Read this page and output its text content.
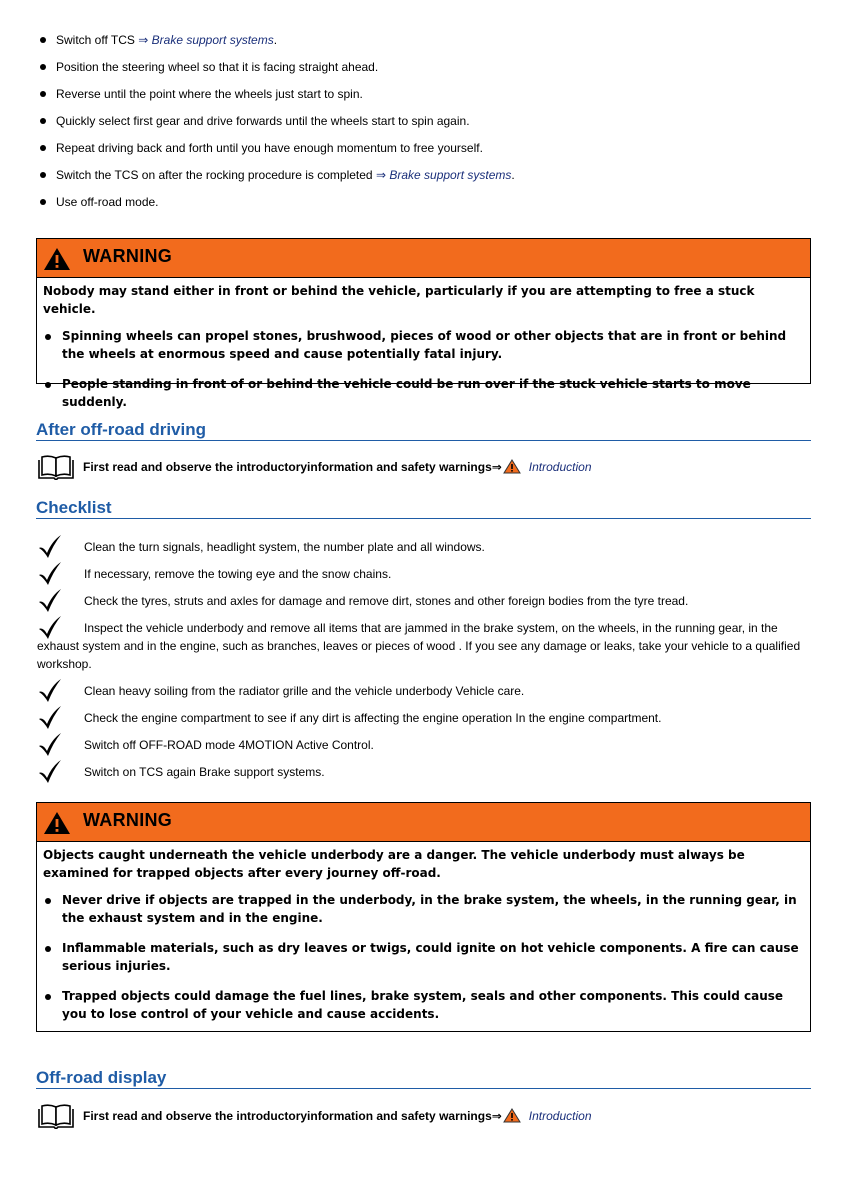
Switch off TCS ⇒ Brake support systems.
Position the steering wheel so that it is facing straight ahead.
Reverse until the point where the wheels just start to spin.
Quickly select first gear and drive forwards until the wheels start to spin again.
Repeat driving back and forth until you have enough momentum to free yourself.
Switch the TCS on after the rocking procedure is completed ⇒ Brake support systems.
Use off-road mode.
WARNING

Nobody may stand either in front or behind the vehicle, particularly if you are attempting to free a stuck vehicle.

Spinning wheels can propel stones, brushwood, pieces of wood or other objects that are in front or behind the wheels at enormous speed and cause potentially fatal injury.
People standing in front of or behind the vehicle could be run over if the stuck vehicle starts to move suddenly.
After off-road driving
First read and observe the introductoryinformation and safety warnings⇒ Introduction
Checklist
Clean the turn signals, headlight system, the number plate and all windows.
If necessary, remove the towing eye and the snow chains.
Check the tyres, struts and axles for damage and remove dirt, stones and other foreign bodies from the tyre tread.
Inspect the vehicle underbody and remove all items that are jammed in the brake system, on the wheels, in the running gear, in the exhaust system and in the engine, such as branches, leaves or pieces of wood . If you see any damage or leaks, take your vehicle to a qualified workshop.
Clean heavy soiling from the radiator grille and the vehicle underbody Vehicle care.
Check the engine compartment to see if any dirt is affecting the engine operation In the engine compartment.
Switch off OFF-ROAD mode 4MOTION Active Control.
Switch on TCS again Brake support systems.
WARNING

Objects caught underneath the vehicle underbody are a danger. The vehicle underbody must always be examined for trapped objects after every journey off-road.

Never drive if objects are trapped in the underbody, in the brake system, the wheels, in the running gear, in the exhaust system and in the engine.
Inflammable materials, such as dry leaves or twigs, could ignite on hot vehicle components. A fire can cause serious injuries.
Trapped objects could damage the fuel lines, brake system, seals and other components. This could cause you to lose control of your vehicle and cause accidents.
Off-road display
First read and observe the introductoryinformation and safety warnings⇒ Introduction
